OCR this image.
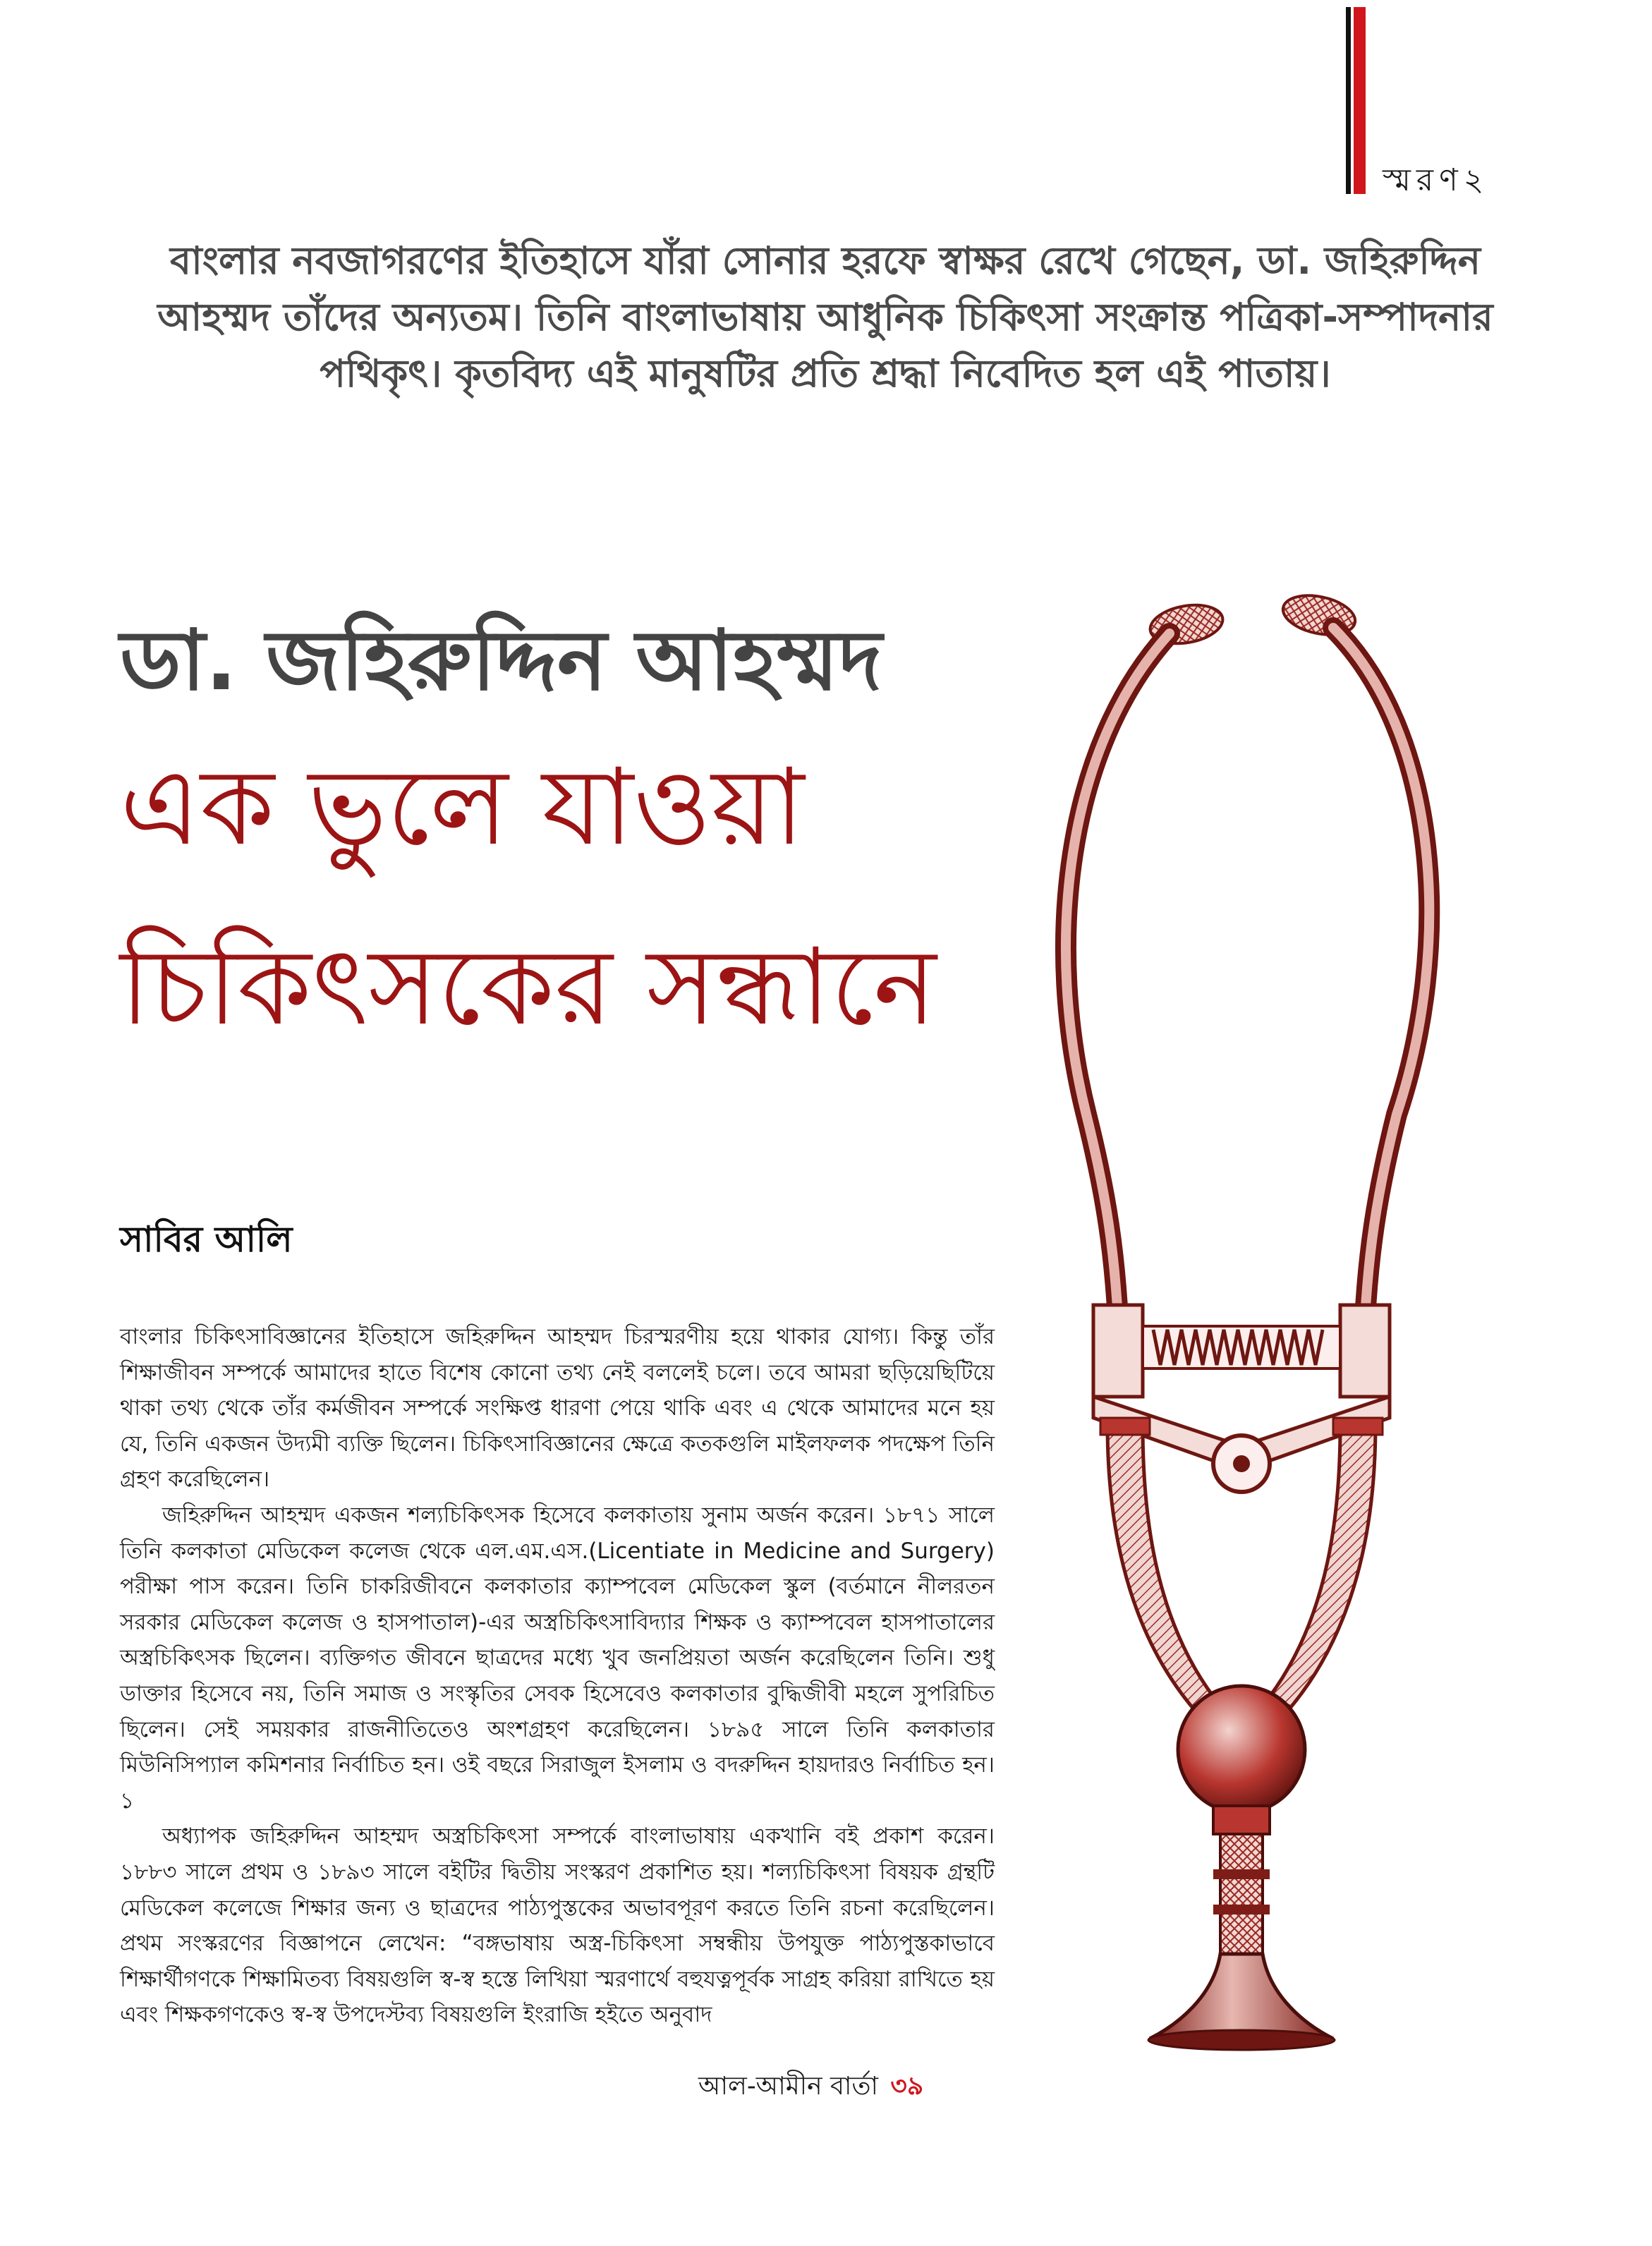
স্মরণ২
বাংলার নবজাগরণের ইতিহাসে যাঁরা সোনার হরফে স্বাক্ষর রেখে গেছেন, ডা. জহিরুদ্দিন আহম্মদ তাঁদের অন্যতম। তিনি বাংলাভাষায় আধুনিক চিকিৎসা সংক্রান্ত পত্রিকা-সম্পাদনার পথিকৃৎ। কৃতবিদ্য এই মানুষটির প্রতি শ্রদ্ধা নিবেদিত হল এই পাতায়।
ডা. জহিরুদ্দিন আহম্মদ
এক ভুলে যাওয়া
চিকিৎসকের সন্ধানে
সাবির আলি

বাংলার চিকিৎসাবিজ্ঞানের ইতিহাসে জহিরুদ্দিন আহম্মদ চিরস্মরণীয় হয়ে থাকার যোগ্য। কিন্তু তাঁর শিক্ষাজীবন সম্পর্কে আমাদের হাতে বিশেষ কোনো তথ্য নেই বললেই চলে। তবে আমরা ছড়িয়েছিটিয়ে থাকা তথ্য থেকে তাঁর কর্মজীবন সম্পর্কে সংক্ষিপ্ত ধারণা পেয়ে থাকি এবং এ থেকে আমাদের মনে হয় যে, তিনি একজন উদ্যমী ব্যক্তি ছিলেন। চিকিৎসাবিজ্ঞানের ক্ষেত্রে কতকগুলি মাইলফলক পদক্ষেপ তিনি গ্রহণ করেছিলেন।

জহিরুদ্দিন আহম্মদ একজন শল্যচিকিৎসক হিসেবে কলকাতায় সুনাম অর্জন করেন। ১৮৭১ সালে তিনি কলকাতা মেডিকেল কলেজ থেকে এল.এম.এস.(Licentiate in Medicine and Surgery) পরীক্ষা পাস করেন। তিনি চাকরিজীবনে কলকাতার ক্যাম্পবেল মেডিকেল স্কুল (বর্তমানে নীলরতন সরকার মেডিকেল কলেজ ও হাসপাতাল)-এর অস্ত্রচিকিৎসাবিদ্যার শিক্ষক ও ক্যাম্পবেল হাসপাতালের অস্ত্রচিকিৎসক ছিলেন। ব্যক্তিগত জীবনে ছাত্রদের মধ্যে খুব জনপ্রিয়তা অর্জন করেছিলেন তিনি। শুধু ডাক্তার হিসেবে নয়, তিনি সমাজ ও সংস্কৃতির সেবক হিসেবেও কলকাতার বুদ্ধিজীবী মহলে সুপরিচিত ছিলেন। সেই সময়কার রাজনীতিতেও অংশগ্রহণ করেছিলেন। ১৮৯৫ সালে তিনি কলকাতার মিউনিসিপ্যাল কমিশনার নির্বাচিত হন। ওই বছরে সিরাজুল ইসলাম ও বদরুদ্দিন হায়দারও নির্বাচিত হন।১

অধ্যাপক জহিরুদ্দিন আহম্মদ অস্ত্রচিকিৎসা সম্পর্কে বাংলাভাষায় একখানি বই প্রকাশ করেন। ১৮৮৩ সালে প্রথম ও ১৮৯৩ সালে বইটির দ্বিতীয় সংস্করণ প্রকাশিত হয়। শল্যচিকিৎসা বিষয়ক গ্রন্থটি মেডিকেল কলেজে শিক্ষার জন্য ও ছাত্রদের পাঠ্যপুস্তকের অভাবপূরণ করতে তিনি রচনা করেছিলেন। প্রথম সংস্করণের বিজ্ঞাপনে লেখেন: “বঙ্গভাষায় অস্ত্র-চিকিৎসা সম্বন্ধীয় উপযুক্ত পাঠ্যপুস্তকাভাবে শিক্ষার্থীগণকে শিক্ষামিতব্য বিষয়গুলি স্ব-স্ব হস্তে লিখিয়া স্মরণার্থে বহুযত্নপূর্বক সাগ্রহ করিয়া রাখিতে হয় এবং শিক্ষকগণকেও স্ব-স্ব উপদেস্টব্য বিষয়গুলি ইংরাজি হইতে অনুবাদ

আল-আমীন বার্তা ৩৯
